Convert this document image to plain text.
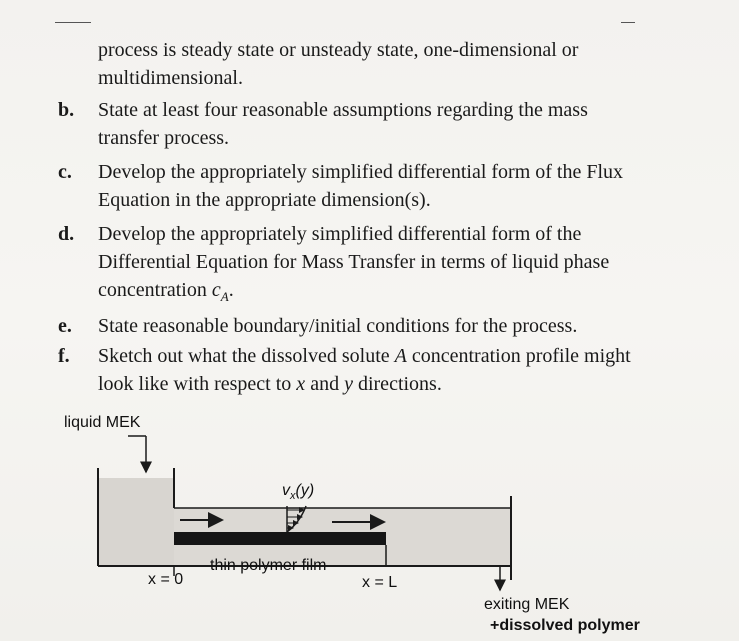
process is steady state or unsteady state, one-dimensional or multidimensional.
b.	State at least four reasonable assumptions regarding the mass transfer process.
c.	Develop the appropriately simplified differential form of the Flux Equation in the appropriate dimension(s).
d.	Develop the appropriately simplified differential form of the Differential Equation for Mass Transfer in terms of liquid phase concentration $c_A$.
e.	State reasonable boundary/initial conditions for the process.
f.	Sketch out what the dissolved solute A concentration profile might look like with respect to x and y directions.
liquid MEK
$v_x(y)$
thin polymer film
x = 0	x = L
exiting MEK
+dissolved polymer
